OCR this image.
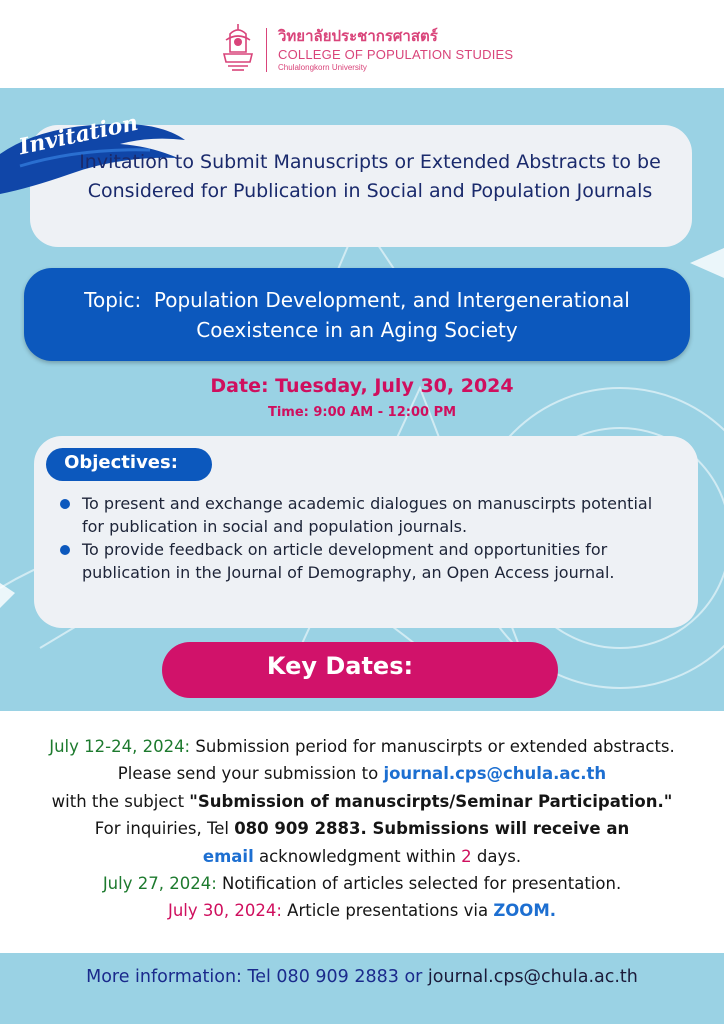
วิทยาลัยประชากรศาสตร์
COLLEGE OF POPULATION STUDIES
Chulalongkorn University
Invitation
Invitation to Submit Manuscripts or Extended Abstracts to be Considered for Publication in Social and Population Journals
Topic: Population Development, and Intergenerational Coexistence in an Aging Society
Date: Tuesday, July 30, 2024
Time: 9:00 AM - 12:00 PM
Objectives:
To present and exchange academic dialogues on manuscirpts potential for publication in social and population journals.
To provide feedback on article development and opportunities for publication in the Journal of Demography, an Open Access journal.
Key Dates:
July 12-24, 2024: Submission period for manuscirpts or extended abstracts. Please send your submission to journal.cps@chula.ac.th
with the subject "Submission of manuscirpts/Seminar Participation."
For inquiries, Tel 080 909 2883. Submissions will receive an
email acknowledgment within 2 days.
July 27, 2024: Notification of articles selected for presentation.
July 30, 2024: Article presentations via ZOOM.
More information: Tel 080 909 2883 or journal.cps@chula.ac.th
